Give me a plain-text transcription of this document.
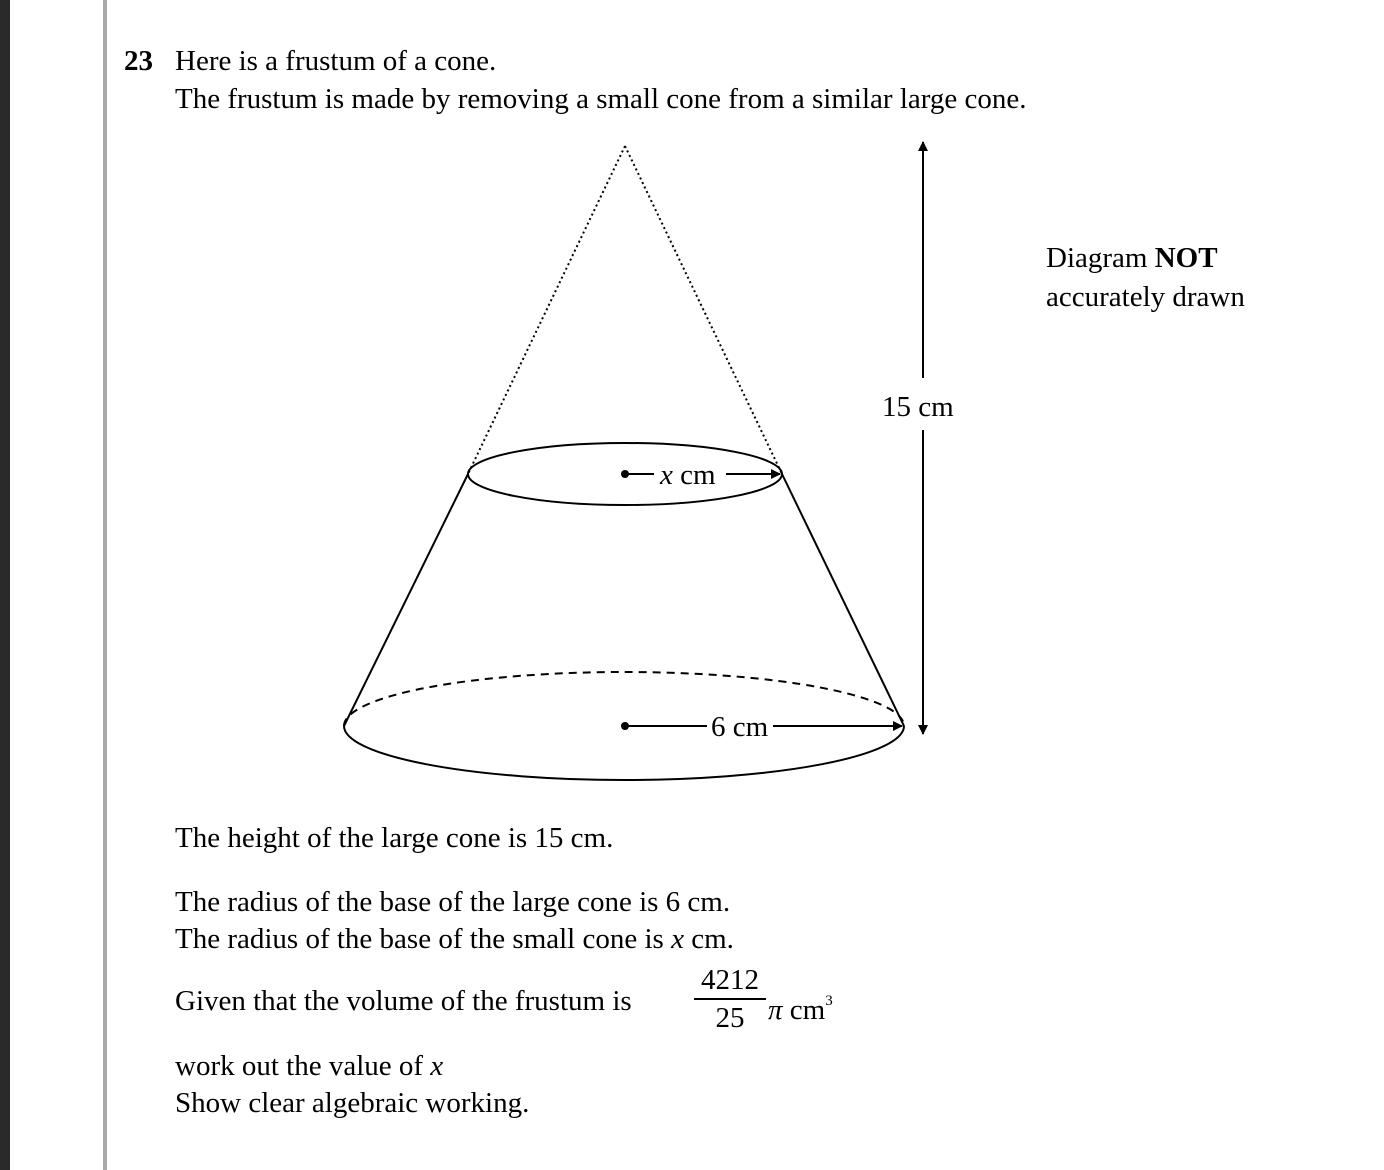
23 Here is a frustum of a cone.
The frustum is made by removing a small cone from a similar large cone.
x cm
6 cm
15 cm
Diagram NOT
accurately drawn
The height of the large cone is 15 cm.
The radius of the base of the large cone is 6 cm.
The radius of the base of the small cone is x cm.
Given that the volume of the frustum is
4212
25 π $cm^3$
work out the value of x
Show clear algebraic working.
